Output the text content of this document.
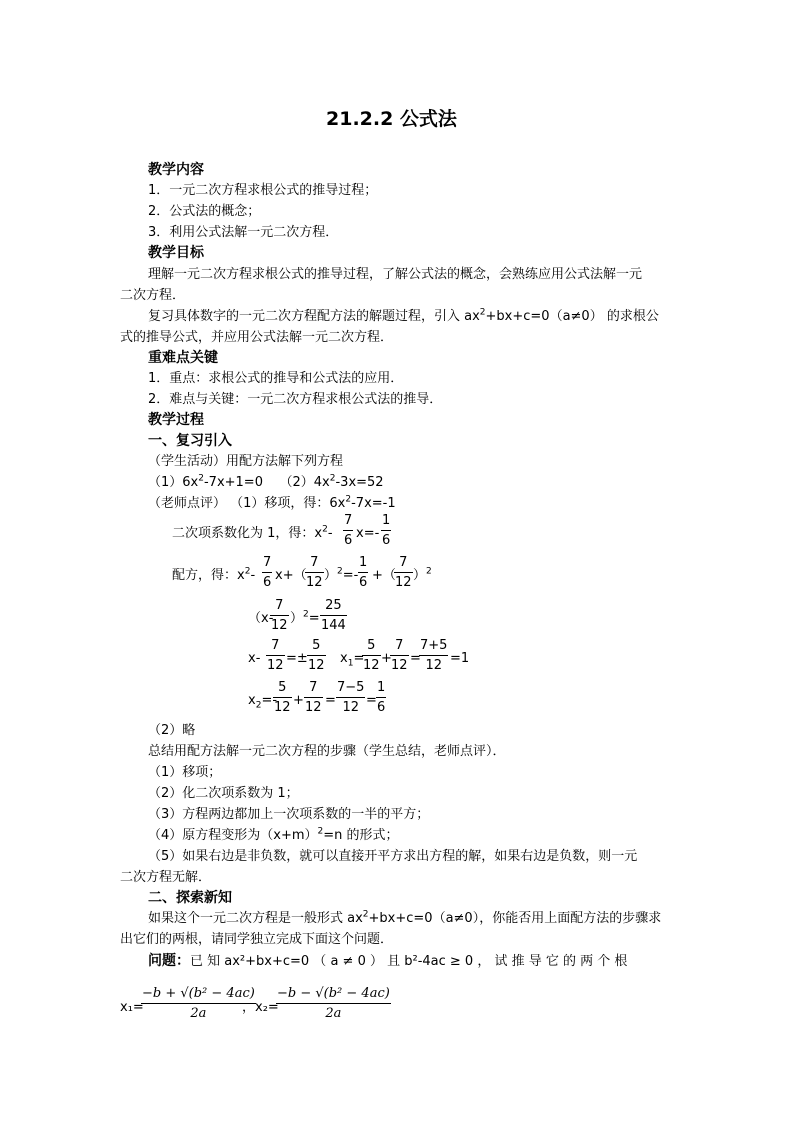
21.2.2 公式法
教学内容
1．一元二次方程求根公式的推导过程；
2．公式法的概念；
3．利用公式法解一元二次方程．
教学目标
理解一元二次方程求根公式的推导过程，了解公式法的概念，会熟练应用公式法解一元
二次方程．
复习具体数字的一元二次方程配方法的解题过程，引入 $ax^2+bx+c=0(a\ne 0)$ 的求根公
式的推导公式，并应用公式法解一元二次方程．
重难点关键
1．重点：求根公式的推导和公式法的应用．
2．难点与关键：一元二次方程求根公式法的推导．
教学过程
一、复习引入
（学生活动）用配方法解下列方程
$(1)6x^2-7x+1=0$ $(2)4x^2-3x=52$
（老师点评） （1）移项，得：$6x^2-7x=-1$
二次项系数化为 1，得：$x^2-$
7
6 x=-
1
6
配方，得：$x^2-$
7
6 x+（
7
12 ）$^2$=-
1
6 +（
7
12 ）$^2$
（x-
7
12 ）$^2$=
25
144
x-
7
12 =±
5
12 $x_1=$
5
12 +
7
12 =
7+5
12 =1
$x_2=-$
5
12 +
7
12 =
7−5
12 =
1
6
（2）略
总结用配方法解一元二次方程的步骤（学生总结，老师点评）．
（1）移项；
（2）化二次项系数为 1；
（3）方程两边都加上一次项系数的一半的平方；
（4）原方程变形为$(x+m)^2=n$ 的形式；
（5）如果右边是非负数，就可以直接开平方求出方程的解，如果右边是负数，则一元
二次方程无解．
二、探索新知
如果这个一元二次方程是一般形式 $ax^2+bx+c=0(a\ne 0)$，你能否用上面配方法的步骤求
出它们的两根，请同学独立完成下面这个问题．
问题：已 知 ax²+bx+c=0 （ a ≠ 0 ） 且 b²-4ac ≥ 0 ， 试 推 导 它 的 两 个 根
x₁=
−b + √(b² − 4ac)
2a	，x₂=
−b − √(b² − 4ac)
2a
